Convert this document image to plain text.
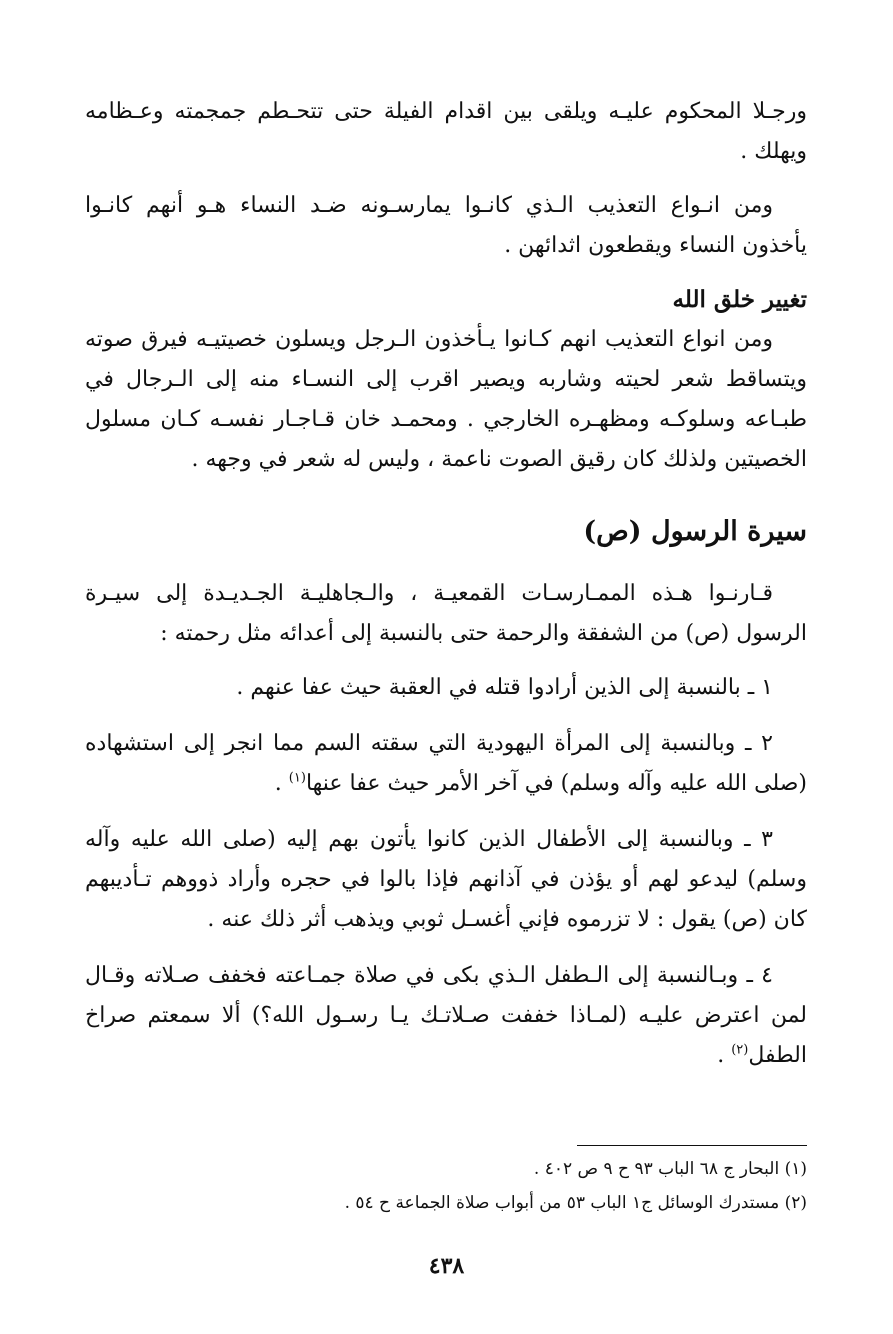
ورجـلا المحكوم عليـه ويلقى بين اقدام الفيلة حتى تتحـطم جمجمته وعـظامه ويهلك .

ومن انـواع التعذيب الـذي كانـوا يمارسـونه ضـد النساء هـو أنهم كانـوا يأخذون النساء ويقطعون اثدائهن .

تغيير خلق الله

ومن انواع التعذيب انهم كـانوا يـأخذون الـرجل ويسلون خصيتيـه فيرق صوته ويتساقط شعر لحيته وشاربه ويصير اقرب إلى النسـاء منه إلى الـرجال في طبـاعه وسلوكـه ومظهـره الخارجي . ومحمـد خان قـاجـار نفسـه كـان مسلول الخصيتين ولذلك كان رقيق الصوت ناعمة ، وليس له شعر في وجهه .

سيرة الرسول (ص)

قـارنـوا هـذه الممـارسـات القمعيـة ، والـجاهليـة الجـديـدة إلى سيـرة الرسول (ص) من الشفقة والرحمة حتى بالنسبة إلى أعدائه مثل رحمته :

١ ـ بالنسبة إلى الذين أرادوا قتله في العقبة حيث عفا عنهم .

٢ ـ وبالنسبة إلى المرأة اليهودية التي سقته السم مما انجر إلى استشهاده (صلى الله عليه وآله وسلم) في آخر الأمر حيث عفا عنها$^{(١)}$ .

٣ ـ وبالنسبة إلى الأطفال الذين كانوا يأتون بهم إليه (صلى الله عليه وآله وسلم) ليدعو لهم أو يؤذن في آذانهم فإذا بالوا في حجره وأراد ذووهم تـأديبهم كان (ص) يقول : لا تزرموه فإني أغسـل ثوبي ويذهب أثر ذلك عنه .

٤ ـ وبـالنسبة إلى الـطفل الـذي بكى في صلاة جمـاعته فخفف صـلاته وقـال لمن اعترض عليـه (لمـاذا خففت صـلاتـك يـا رسـول الله؟) ألا سمعتم صراخ الطفل$^{(٢)}$ .

(١) البحار ج ٦٨ الباب ٩٣ ح ٩ ص ٤٠٢ .

(٢) مستدرك الوسائل ج١ الباب ٥٣ من أبواب صلاة الجماعة ح ٥٤ .

٤٣٨
